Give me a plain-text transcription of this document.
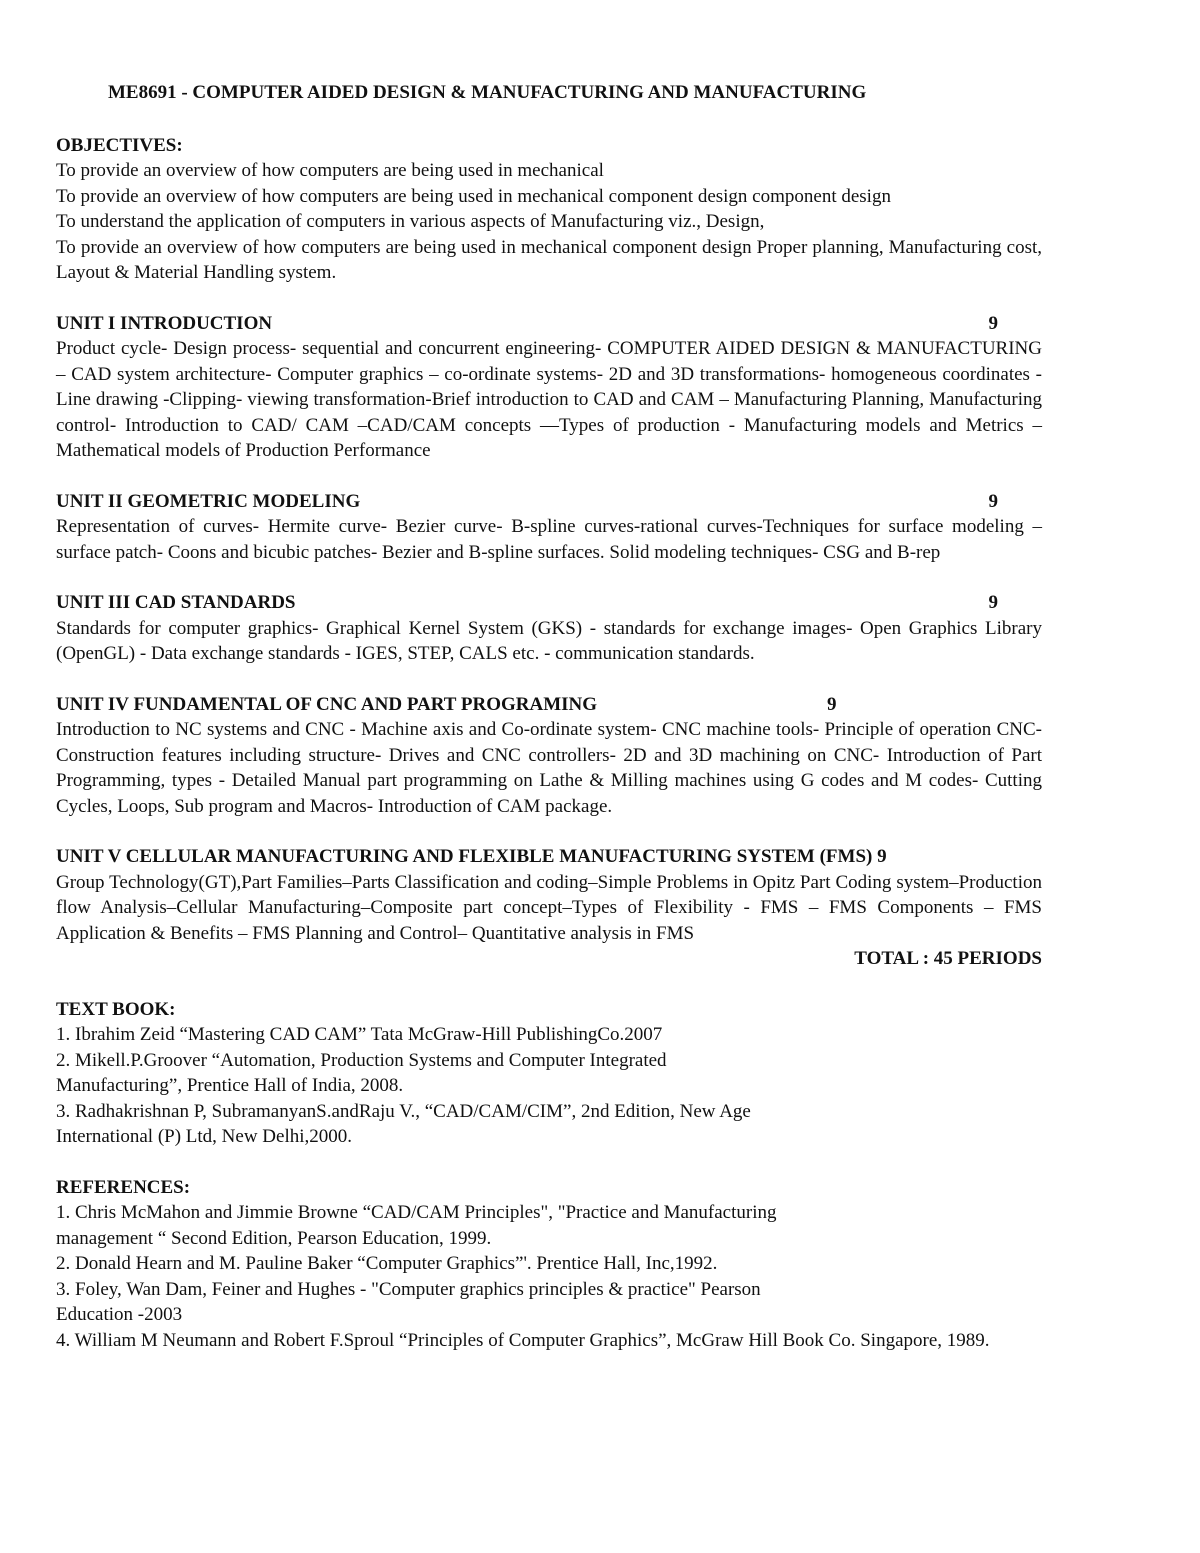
ME8691 - COMPUTER AIDED DESIGN & MANUFACTURING AND MANUFACTURING
OBJECTIVES:
To provide an overview of how computers are being used in mechanical
To provide an overview of how computers are being used in mechanical component design component design
To understand the application of computers in various aspects of Manufacturing viz., Design,
To provide an overview of how computers are being used in mechanical component design Proper planning, Manufacturing cost, Layout & Material Handling system.
UNIT I INTRODUCTION	9
Product cycle- Design process- sequential and concurrent engineering- COMPUTER AIDED DESIGN & MANUFACTURING – CAD system architecture- Computer graphics – co-ordinate systems- 2D and 3D transformations- homogeneous coordinates - Line drawing -Clipping- viewing transformation-Brief introduction to CAD and CAM – Manufacturing Planning, Manufacturing control- Introduction to CAD/ CAM –CAD/CAM concepts —Types of production - Manufacturing models and Metrics – Mathematical models of Production Performance
UNIT II GEOMETRIC MODELING	9
Representation of curves- Hermite curve- Bezier curve- B-spline curves-rational curves-Techniques for surface modeling – surface patch- Coons and bicubic patches- Bezier and B-spline surfaces. Solid modeling techniques- CSG and B-rep
UNIT III CAD STANDARDS	9
Standards for computer graphics- Graphical Kernel System (GKS) - standards for exchange images- Open Graphics Library (OpenGL) - Data exchange standards - IGES, STEP, CALS etc. - communication standards.
UNIT IV FUNDAMENTAL OF CNC AND PART PROGRAMING	9
Introduction to NC systems and CNC - Machine axis and Co-ordinate system- CNC machine tools- Principle of operation CNC- Construction features including structure- Drives and CNC controllers- 2D and 3D machining on CNC- Introduction of Part Programming, types - Detailed Manual part programming on Lathe & Milling machines using G codes and M codes- Cutting Cycles, Loops, Sub program and Macros- Introduction of CAM package.
UNIT V CELLULAR MANUFACTURING AND FLEXIBLE MANUFACTURING SYSTEM (FMS) 9
Group Technology(GT),Part Families–Parts Classification and coding–Simple Problems in Opitz Part Coding system–Production flow Analysis–Cellular Manufacturing–Composite part concept–Types of Flexibility - FMS – FMS Components – FMS Application & Benefits – FMS Planning and Control– Quantitative analysis in FMS
TOTAL : 45 PERIODS
TEXT BOOK:
1. Ibrahim Zeid “Mastering CAD CAM” Tata McGraw-Hill PublishingCo.2007
2. Mikell.P.Groover “Automation, Production Systems and Computer Integrated
Manufacturing”, Prentice Hall of India, 2008.
3. Radhakrishnan P, SubramanyanS.andRaju V., “CAD/CAM/CIM”, 2nd Edition, New Age
International (P) Ltd, New Delhi,2000.
REFERENCES:
1. Chris McMahon and Jimmie Browne “CAD/CAM Principles", "Practice and Manufacturing
management “ Second Edition, Pearson Education, 1999.
2. Donald Hearn and M. Pauline Baker “Computer Graphics”'. Prentice Hall, Inc,1992.
3. Foley, Wan Dam, Feiner and Hughes - "Computer graphics principles & practice" Pearson
Education -2003
4. William M Neumann and Robert F.Sproul “Principles of Computer Graphics”, McGraw Hill Book Co. Singapore, 1989.
